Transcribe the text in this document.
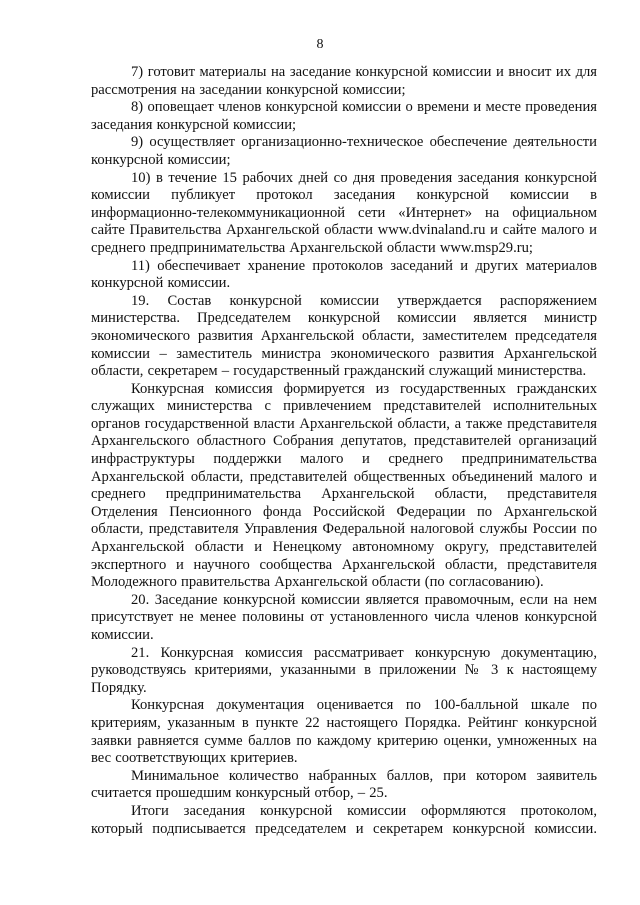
8

7) готовит материалы на заседание конкурсной комиссии и вносит их для рассмотрения на заседании конкурсной комиссии;

8) оповещает членов конкурсной комиссии о времени и месте проведения заседания конкурсной комиссии;

9) осуществляет организационно-техническое обеспечение деятельности конкурсной комиссии;

10) в течение 15 рабочих дней со дня проведения заседания конкурсной комиссии публикует протокол заседания конкурсной комиссии в информационно-телекоммуникационной сети «Интернет» на официальном сайте Правительства Архангельской области www.dvinaland.ru и сайте малого и среднего предпринимательства Архангельской области www.msp29.ru;

11) обеспечивает хранение протоколов заседаний и других материалов конкурсной комиссии.

19. Состав конкурсной комиссии утверждается распоряжением министерства. Председателем конкурсной комиссии является министр экономического развития Архангельской области, заместителем председателя комиссии – заместитель министра экономического развития Архангельской области, секретарем – государственный гражданский служащий министерства.

Конкурсная комиссия формируется из государственных гражданских служащих министерства с привлечением представителей исполнительных органов государственной власти Архангельской области, а также представителя Архангельского областного Собрания депутатов, представителей организаций инфраструктуры поддержки малого и среднего предпринимательства Архангельской области, представителей общественных объединений малого и среднего предпринимательства Архангельской области, представителя Отделения Пенсионного фонда Российской Федерации по Архангельской области, представителя Управления Федеральной налоговой службы России по Архангельской области и Ненецкому автономному округу, представителей экспертного и научного сообщества Архангельской области, представителя Молодежного правительства Архангельской области (по согласованию).

20. Заседание конкурсной комиссии является правомочным, если на нем присутствует не менее половины от установленного числа членов конкурсной комиссии.

21. Конкурсная комиссия рассматривает конкурсную документацию, руководствуясь критериями, указанными в приложении № 3 к настоящему Порядку.

Конкурсная документация оценивается по 100-балльной шкале по критериям, указанным в пункте 22 настоящего Порядка. Рейтинг конкурсной заявки равняется сумме баллов по каждому критерию оценки, умноженных на вес соответствующих критериев.

Минимальное количество набранных баллов, при котором заявитель считается прошедшим конкурсный отбор, – 25.

Итоги заседания конкурсной комиссии оформляются протоколом, который подписывается председателем и секретарем конкурсной комиссии.
